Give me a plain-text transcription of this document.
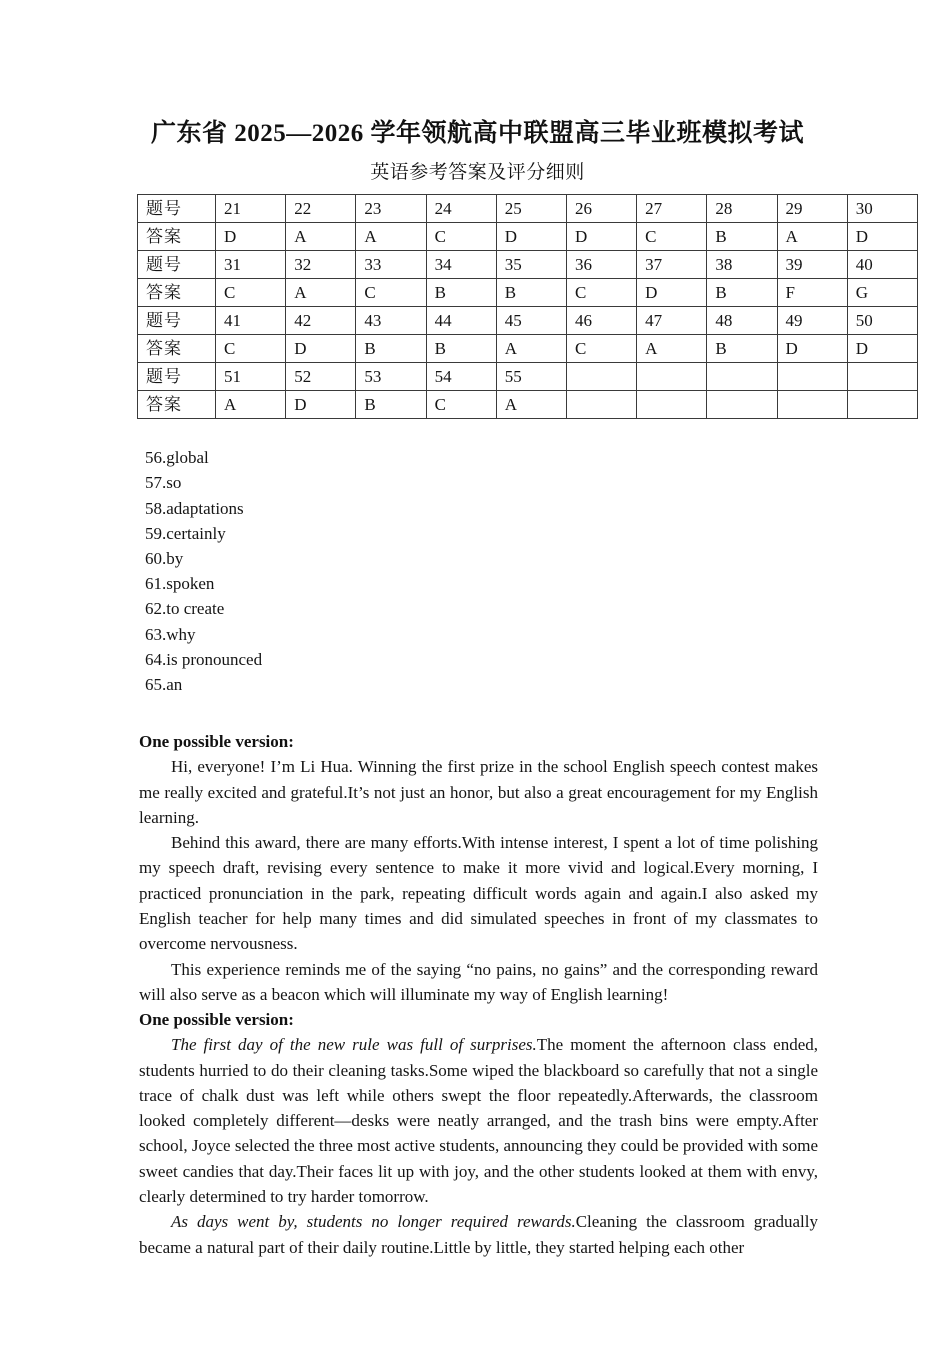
广东省 2025—2026 学年领航高中联盟高三毕业班模拟考试
英语参考答案及评分细则
题号	21	22	23	24	25	26	27	28	29	30
答案	D	A	A	C	D	D	C	B	A	D
题号	31	32	33	34	35	36	37	38	39	40
答案	C	A	C	B	B	C	D	B	F	G
题号	41	42	43	44	45	46	47	48	49	50
答案	C	D	B	B	A	C	A	B	D	D
题号	51	52	53	54	55					
答案	A	D	B	C	A					
56.global
57.so
58.adaptations
59.certainly
60.by
61.spoken
62.to create
63.why
64.is pronounced
65.an
One possible version:

Hi, everyone! I’m Li Hua. Winning the first prize in the school English speech contest makes me really excited and grateful.It’s not just an honor, but also a great encouragement for my English learning.

Behind this award, there are many efforts.With intense interest, I spent a lot of time polishing my speech draft, revising every sentence to make it more vivid and logical.Every morning, I practiced pronunciation in the park, repeating difficult words again and again.I also asked my English teacher for help many times and did simulated speeches in front of my classmates to overcome nervousness.

This experience reminds me of the saying “no pains, no gains” and the corresponding reward will also serve as a beacon which will illuminate my way of English learning!

One possible version:

The first day of the new rule was full of surprises.The moment the afternoon class ended, students hurried to do their cleaning tasks.Some wiped the blackboard so carefully that not a single trace of chalk dust was left while others swept the floor repeatedly.Afterwards, the classroom looked completely different—desks were neatly arranged, and the trash bins were empty.After school, Joyce selected the three most active students, announcing they could be provided with some sweet candies that day.Their faces lit up with joy, and the other students looked at them with envy, clearly determined to try harder tomorrow.

As days went by, students no longer required rewards.Cleaning the classroom gradually became a natural part of their daily routine.Little by little, they started helping each other
